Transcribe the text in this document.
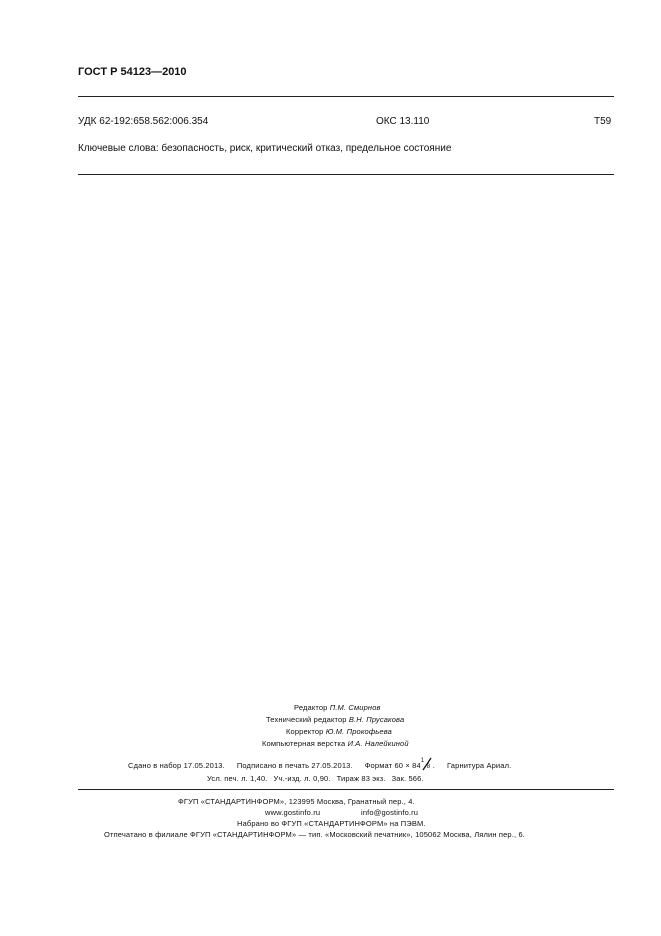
ГОСТ Р 54123—2010
УДК 62-192:658.562:006.354	ОКС 13.110	Т59
Ключевые слова: безопасность, риск, критический отказ, предельное состояние
Редактор П.М. Смирнов
Технический редактор В.Н. Прусакова
Корректор Ю.М. Прокофьева
Компьютерная верстка И.А. Налейкиной
Сдано в набор 17.05.2013. Подписано в печать 27.05.2013. Формат 60 × 84 1
8 . Гарнитура Ариал.
Усл. печ. л. 1,40. Уч.-изд. л. 0,90. Тираж 83 экз. Зак. 566.
ФГУП «СТАНДАРТИНФОРМ», 123995 Москва, Гранатный пер., 4.
www.gostinfo.ru	info@gostinfo.ru
Набрано во ФГУП «СТАНДАРТИНФОРМ» на ПЭВМ.
Отпечатано в филиале ФГУП «СТАНДАРТИНФОРМ» — тип. «Московский печатник», 105062 Москва, Лялин пер., 6.
